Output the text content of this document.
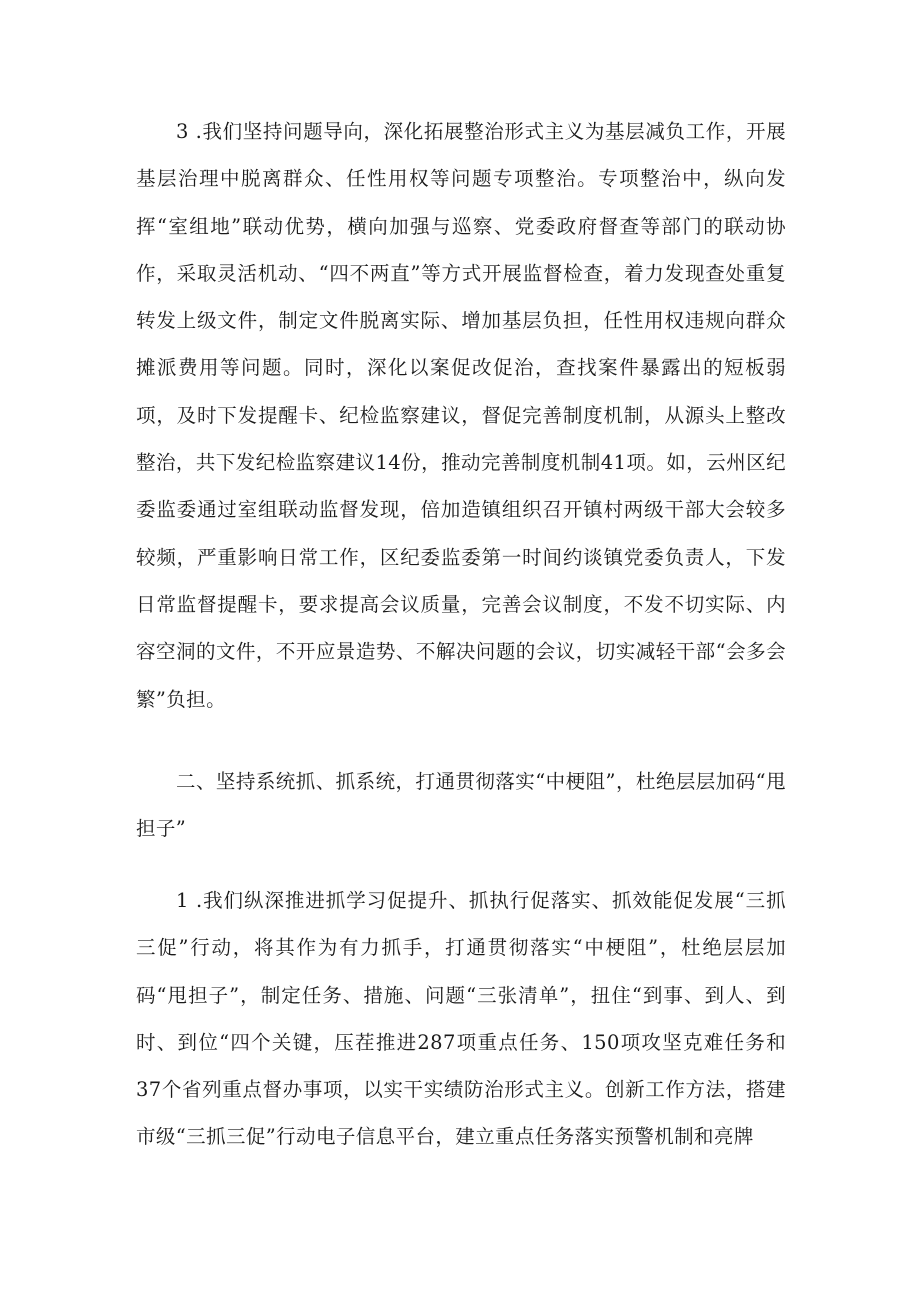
3 .我们坚持问题导向，深化拓展整治形式主义为基层减负工作，开展基层治理中脱离群众、任性用权等问题专项整治。专项整治中，纵向发挥“室组地”联动优势，横向加强与巡察、党委政府督查等部门的联动协作，采取灵活机动、“四不两直”等方式开展监督检查，着力发现查处重复转发上级文件，制定文件脱离实际、增加基层负担，任性用权违规向群众摊派费用等问题。同时，深化以案促改促治，查找案件暴露出的短板弱项，及时下发提醒卡、纪检监察建议，督促完善制度机制，从源头上整改整治，共下发纪检监察建议14份，推动完善制度机制41项。如，云州区纪委监委通过室组联动监督发现，倍加造镇组织召开镇村两级干部大会较多较频，严重影响日常工作，区纪委监委第一时间约谈镇党委负责人，下发日常监督提醒卡，要求提高会议质量，完善会议制度，不发不切实际、内容空洞的文件，不开应景造势、不解决问题的会议，切实减轻干部“会多会繁”负担。

二、坚持系统抓、抓系统，打通贯彻落实“中梗阻”，杜绝层层加码“甩担子”

1 .我们纵深推进抓学习促提升、抓执行促落实、抓效能促发展“三抓三促”行动，将其作为有力抓手，打通贯彻落实“中梗阻”，杜绝层层加码“甩担子”，制定任务、措施、问题“三张清单”，扭住“到事、到人、到时、到位“四个关键，压茬推进287项重点任务、150项攻坚克难任务和37个省列重点督办事项，以实干实绩防治形式主义。创新工作方法，搭建市级“三抓三促”行动电子信息平台，建立重点任务落实预警机制和亮牌
